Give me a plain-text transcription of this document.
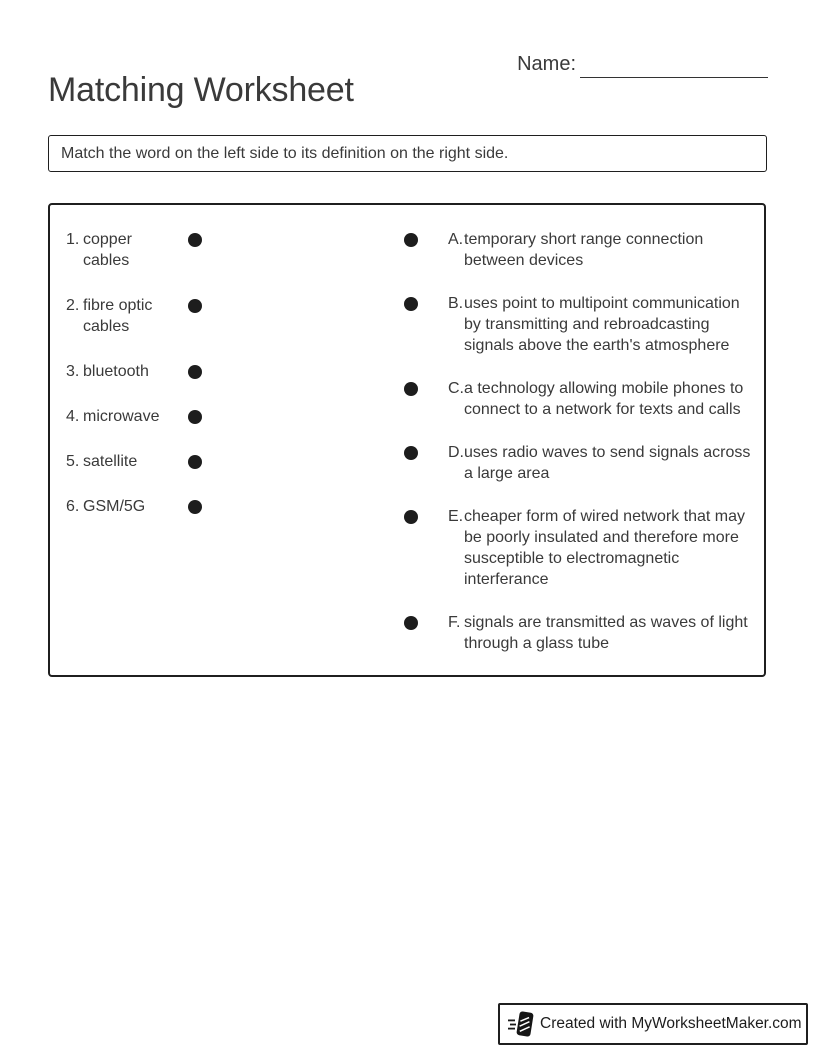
Matching Worksheet
Name:
Match the word on the left side to its definition on the right side.
1. copper cables
2. fibre optic cables
3. bluetooth
4. microwave
5. satellite
6. GSM/5G
A. temporary short range connection between devices
B. uses point to multipoint communication by transmitting and rebroadcasting signals above the earth's atmosphere
C. a technology allowing mobile phones to connect to a network for texts and calls
D. uses radio waves to send signals across a large area
E. cheaper form of wired network that may be poorly insulated and therefore more susceptible to electromagnetic interferance
F. signals are transmitted as waves of light through a glass tube
Created with MyWorksheetMaker.com
